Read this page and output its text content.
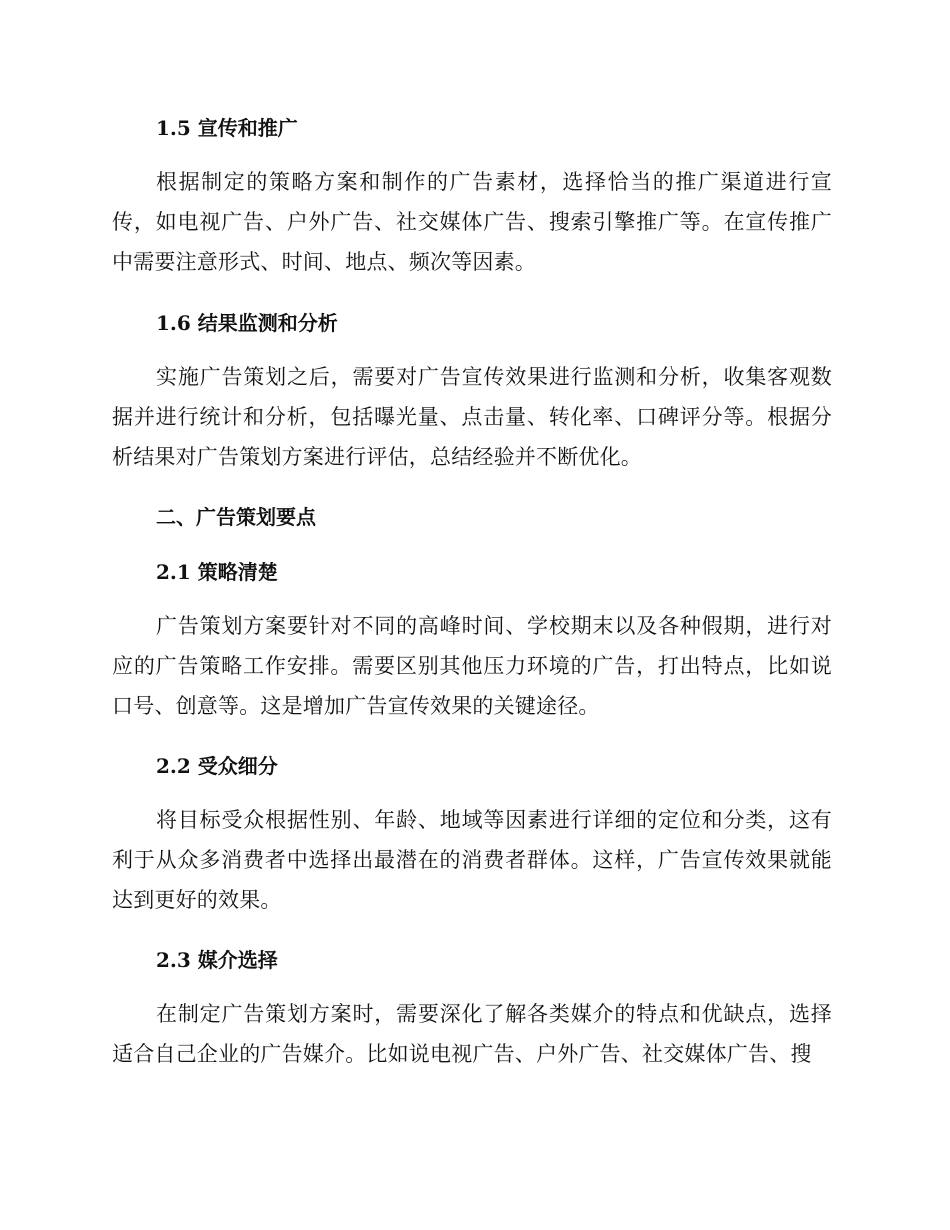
1.5 宣传和推广
根据制定的策略方案和制作的广告素材，选择恰当的推广渠道进行宣传，如电视广告、户外广告、社交媒体广告、搜索引擎推广等。在宣传推广中需要注意形式、时间、地点、频次等因素。
1.6 结果监测和分析
实施广告策划之后，需要对广告宣传效果进行监测和分析，收集客观数据并进行统计和分析，包括曝光量、点击量、转化率、口碑评分等。根据分析结果对广告策划方案进行评估，总结经验并不断优化。
二、广告策划要点
2.1 策略清楚
广告策划方案要针对不同的高峰时间、学校期末以及各种假期，进行对应的广告策略工作安排。需要区别其他压力环境的广告，打出特点，比如说口号、创意等。这是增加广告宣传效果的关键途径。
2.2 受众细分
将目标受众根据性别、年龄、地域等因素进行详细的定位和分类，这有利于从众多消费者中选择出最潜在的消费者群体。这样，广告宣传效果就能达到更好的效果。
2.3 媒介选择
在制定广告策划方案时，需要深化了解各类媒介的特点和优缺点，选择适合自己企业的广告媒介。比如说电视广告、户外广告、社交媒体广告、搜
